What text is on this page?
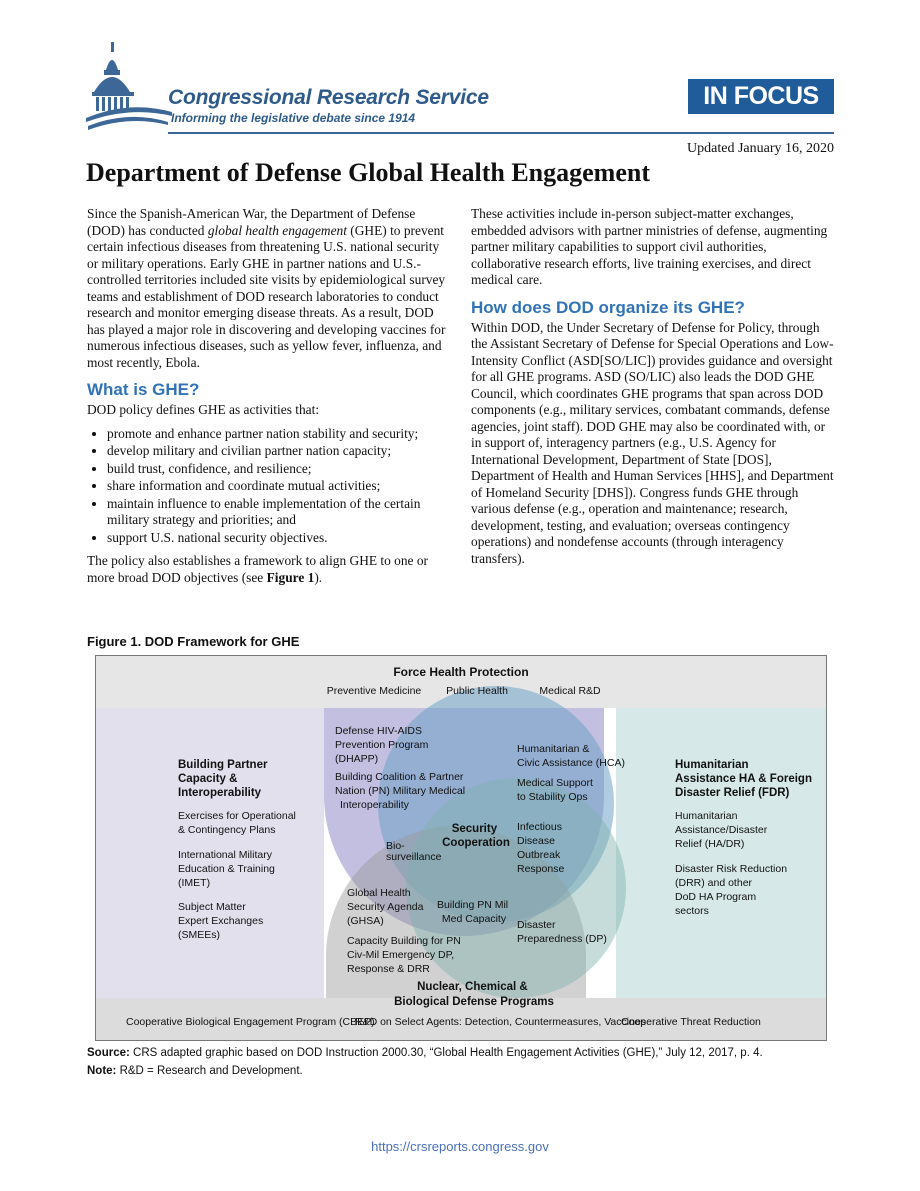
Congressional Research Service
Informing the legislative debate since 1914
IN FOCUS
Updated January 16, 2020
Department of Defense Global Health Engagement

Since the Spanish-American War, the Department of Defense (DOD) has conducted global health engagement (GHE) to prevent certain infectious diseases from threatening U.S. national security or military operations. Early GHE in partner nations and U.S.-controlled territories included site visits by epidemiological survey teams and establishment of DOD research laboratories to conduct research and monitor emerging disease threats. As a result, DOD has played a major role in discovering and developing vaccines for numerous infectious diseases, such as yellow fever, influenza, and most recently, Ebola.

What is GHE?

DOD policy defines GHE as activities that:

• promote and enhance partner nation stability and security;
• develop military and civilian partner nation capacity;
• build trust, confidence, and resilience;
• share information and coordinate mutual activities;
• maintain influence to enable implementation of the certain military strategy and priorities; and
• support U.S. national security objectives.

The policy also establishes a framework to align GHE to one or more broad DOD objectives (see Figure 1).

These activities include in-person subject-matter exchanges, embedded advisors with partner ministries of defense, augmenting partner military capabilities to support civil authorities, collaborative research efforts, live training exercises, and direct medical care.

How does DOD organize its GHE?

Within DOD, the Under Secretary of Defense for Policy, through the Assistant Secretary of Defense for Special Operations and Low-Intensity Conflict (ASD[SO/LIC]) provides guidance and oversight for all GHE programs. ASD (SO/LIC) also leads the DOD GHE Council, which coordinates GHE programs that span across DOD components (e.g., military services, combatant commands, defense agencies, joint staff). DOD GHE may also be coordinated with, or in support of, interagency partners (e.g., U.S. Agency for International Development, Department of State [DOS], Department of Health and Human Services [HHS], and Department of Homeland Security [DHS]). Congress funds GHE through various defense (e.g., operation and maintenance; research, development, testing, and evaluation; overseas contingency operations) and nondefense accounts (through interagency transfers).

Figure 1. DOD Framework for GHE
Force Health Protection
Preventive Medicine Public Health	Medical R&D
Building Partner Capacity & Interoperability
Exercises for Operational & Contingency Plans
International Military Education & Training (IMET)
Subject Matter Expert Exchanges (SMEEs)
Humanitarian Assistance HA & Foreign Disaster Relief (FDR)
Humanitarian Assistance/Disaster Relief (HA/DR)
Disaster Risk Reduction (DRR) and other DoD HA Program sectors
Defense HIV-AIDS Prevention Program (DHAPP)
Building Coalition & Partner Nation (PN) Military Medical Interoperability
Humanitarian & Civic Assistance (HCA)
Medical Support to Stability Ops
Security Cooperation
Infectious Disease Outbreak Response
Bio- surveillance
Global Health Security Agenda (GHSA)
Building PN Mil Med Capacity	Disaster Preparedness (DP)
Capacity Building for PN Civ-Mil Emergency DP, Response & DRR
Nuclear, Chemical & Biological Defense Programs
Cooperative Biological Engagement Program (CBEP)
R&D on Select Agents: Detection, Countermeasures, Vaccines
Cooperative Threat Reduction
Source: CRS adapted graphic based on DOD Instruction 2000.30, “Global Health Engagement Activities (GHE),” July 12, 2017, p. 4.
Note: R&D = Research and Development.
https://crsreports.congress.gov
